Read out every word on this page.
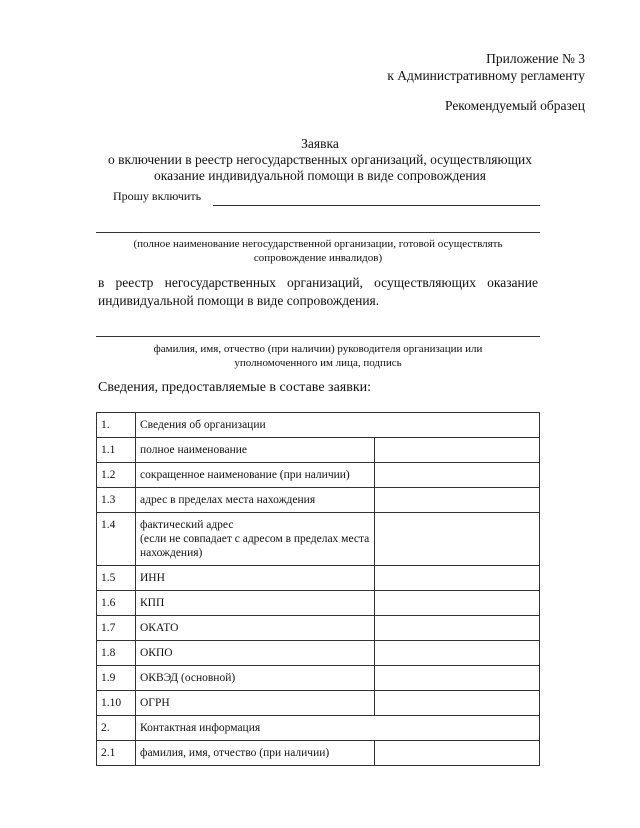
Приложение № 3
к Административному регламенту
Рекомендуемый образец
Заявка
о включении в реестр негосударственных организаций, осуществляющих
оказание индивидуальной помощи в виде сопровождения
Прошу включить
(полное наименование негосударственной организации, готовой осуществлять
сопровождение инвалидов)
в реестр негосударственных организаций, осуществляющих оказание индивидуальной помощи в виде сопровождения.
фамилия, имя, отчество (при наличии) руководителя организации или
уполномоченного им лица, подпись
Сведения, предоставляемые в составе заявки:
1.	Сведения об организации	
1.1	полное наименование	
1.2	сокращенное наименование (при наличии)	
1.3	адрес в пределах места нахождения	
1.4	фактический адрес
(если не совпадает с адресом в пределах места нахождения)	
1.5	ИНН	
1.6	КПП	
1.7	ОКАТО	
1.8	ОКПО	
1.9	ОКВЭД (основной)	
1.10	ОГРН	
2.	Контактная информация	
2.1	фамилия, имя, отчество (при наличии)	
